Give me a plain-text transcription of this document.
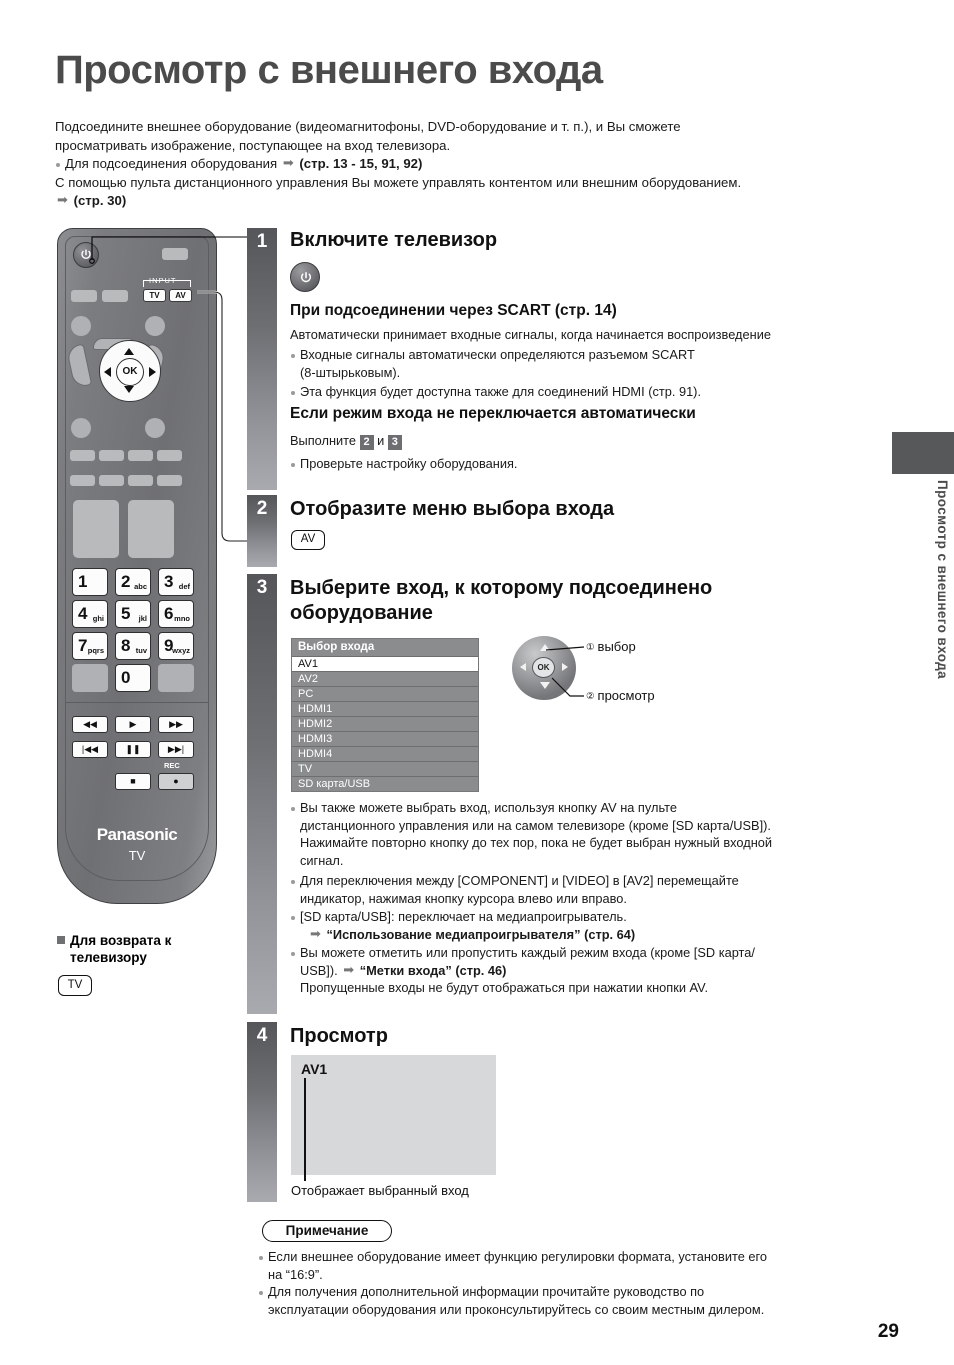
Просмотр с внешнего входа
Подсоедините внешнее оборудование (видеомагнитофоны, DVD-оборудование и т. п.), и Вы сможете
просматривать изображение, поступающее на вход телевизора.
Для подсоединения оборудования ➡ (стр. 13 - 15, 91, 92)
С помощью пульта дистанционного управления Вы можете управлять контентом или внешним оборудованием.
➡ (стр. 30)
Просмотр с внешнего входа
INPUT
TV	AV
OK
1 2 abc 3 def
4 ghi 5 jkl 6 mno
7 pqrs 8 tuv 9
wxyz
0
◀◀	▶	▶▶
|◀◀	❚❚	▶▶|
REC
■	●
Panasonic
TV
Для возврата к
телевизору
TV
1	Включите телевизор
При подсоединении через SCART (стр. 14)
Автоматически принимает входные сигналы, когда начинается воспроизведение
Входные сигналы автоматически определяются разъемом SCART
(8-штырьковым).
Эта функция будет доступна также для соединений HDMI (стр. 91).
Если режим входа не переключается автоматически
Выполните 2 и 3
Проверьте настройку оборудования.
2	Отобразите меню выбора входа
AV
3	Выберите вход, к которому подсоединено
оборудование
Выбор входа
AV1
AV2
PC
HDMI1
HDMI2
HDMI3
HDMI4
TV
SD карта/USB
OK
① выбор
② просмотр
Вы также можете выбрать вход, используя кнопку AV на пульте
дистанционного управления или на самом телевизоре (кроме [SD карта/USB]).
Нажимайте повторно кнопку до тех пор, пока не будет выбран нужный входной
сигнал.
Для переключения между [COMPONENT] и [VIDEO] в [AV2] перемещайте
индикатор, нажимая кнопку курсора влево или вправо.
[SD карта/USB]: переключает на медиапроигрыватель.
➡ “Использование медиапроигрывателя” (стр. 64)
Вы можете отметить или пропустить каждый режим входа (кроме [SD карта/
USB]). ➡ “Метки входа” (стр. 46)
Пропущенные входы не будут отображаться при нажатии кнопки AV.
4	Просмотр
AV1
Отображает выбранный вход
Примечание
Если внешнее оборудование имеет функцию регулировки формата, установите его
на “16:9”.
Для получения дополнительной информации прочитайте руководство по
эксплуатации оборудования или проконсультируйтесь со своим местным дилером.
29
